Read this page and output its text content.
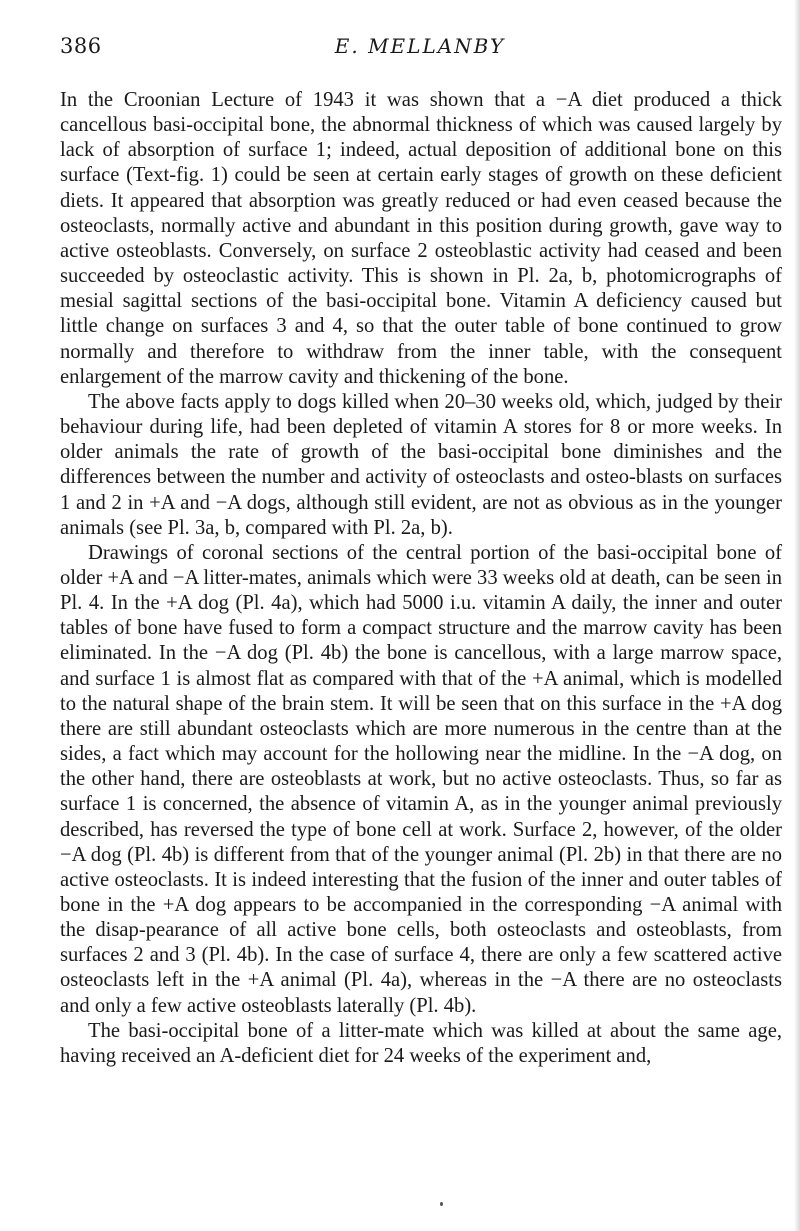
386	E. MELLANBY

In the Croonian Lecture of 1943 it was shown that a −A diet produced a thick cancellous basi-occipital bone, the abnormal thickness of which was caused largely by lack of absorption of surface 1; indeed, actual deposition of additional bone on this surface (Text-fig. 1) could be seen at certain early stages of growth on these deficient diets. It appeared that absorption was greatly reduced or had even ceased because the osteoclasts, normally active and abundant in this position during growth, gave way to active osteoblasts. Conversely, on surface 2 osteoblastic activity had ceased and been succeeded by osteoclastic activity. This is shown in Pl. 2a, b, photomicrographs of mesial sagittal sections of the basi-occipital bone. Vitamin A deficiency caused but little change on surfaces 3 and 4, so that the outer table of bone continued to grow normally and therefore to withdraw from the inner table, with the consequent enlargement of the marrow cavity and thickening of the bone.

The above facts apply to dogs killed when 20–30 weeks old, which, judged by their behaviour during life, had been depleted of vitamin A stores for 8 or more weeks. In older animals the rate of growth of the basi-occipital bone diminishes and the differences between the number and activity of osteoclasts and osteo-blasts on surfaces 1 and 2 in +A and −A dogs, although still evident, are not as obvious as in the younger animals (see Pl. 3a, b, compared with Pl. 2a, b).

Drawings of coronal sections of the central portion of the basi-occipital bone of older +A and −A litter-mates, animals which were 33 weeks old at death, can be seen in Pl. 4. In the +A dog (Pl. 4a), which had 5000 i.u. vitamin A daily, the inner and outer tables of bone have fused to form a compact structure and the marrow cavity has been eliminated. In the −A dog (Pl. 4b) the bone is cancellous, with a large marrow space, and surface 1 is almost flat as compared with that of the +A animal, which is modelled to the natural shape of the brain stem. It will be seen that on this surface in the +A dog there are still abundant osteoclasts which are more numerous in the centre than at the sides, a fact which may account for the hollowing near the midline. In the −A dog, on the other hand, there are osteoblasts at work, but no active osteoclasts. Thus, so far as surface 1 is concerned, the absence of vitamin A, as in the younger animal previously described, has reversed the type of bone cell at work. Surface 2, however, of the older −A dog (Pl. 4b) is different from that of the younger animal (Pl. 2b) in that there are no active osteoclasts. It is indeed interesting that the fusion of the inner and outer tables of bone in the +A dog appears to be accompanied in the corresponding −A animal with the disap-pearance of all active bone cells, both osteoclasts and osteoblasts, from surfaces 2 and 3 (Pl. 4b). In the case of surface 4, there are only a few scattered active osteoclasts left in the +A animal (Pl. 4a), whereas in the −A there are no osteoclasts and only a few active osteoblasts laterally (Pl. 4b).

The basi-occipital bone of a litter-mate which was killed at about the same age, having received an A-deficient diet for 24 weeks of the experiment and,
